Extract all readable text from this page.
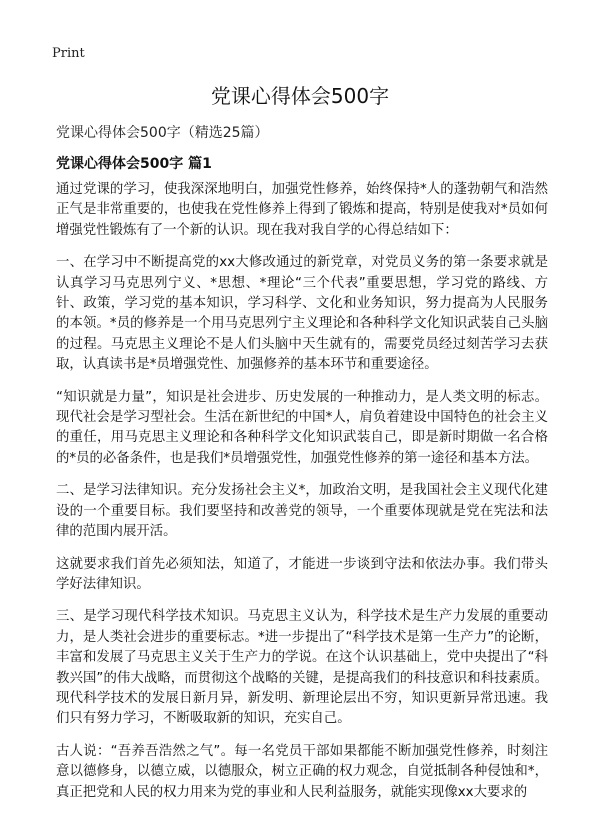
Print
党课心得体会500字
党课心得体会500字（精选25篇）
党课心得体会500字 篇1

通过党课的学习，使我深深地明白，加强党性修养，始终保持*人的蓬勃朝气和浩然正气是非常重要的，也使我在党性修养上得到了锻炼和提高，特别是使我对*员如何增强党性锻炼有了一个新的认识。现在我对我自学的心得总结如下：

一、在学习中不断提高党的xx大修改通过的新党章，对党员义务的第一条要求就是认真学习马克思列宁义、*思想、*理论“三个代表”重要思想，学习党的路线、方针、政策，学习党的基本知识，学习科学、文化和业务知识，努力提高为人民服务的本领。*员的修养是一个用马克思列宁主义理论和各种科学文化知识武装自己头脑的过程。马克思主义理论不是人们头脑中天生就有的，需要党员经过刻苦学习去获取，认真读书是*员增强党性、加强修养的基本环节和重要途径。

“知识就是力量”，知识是社会进步、历史发展的一种推动力，是人类文明的标志。现代社会是学习型社会。生活在新世纪的中国*人，肩负着建设中国特色的社会主义的重任，用马克思主义理论和各种科学文化知识武装自己，即是新时期做一名合格的*员的必备条件，也是我们*员增强党性，加强党性修养的第一途径和基本方法。

二、是学习法律知识。充分发扬社会主义*，加政治文明，是我国社会主义现代化建设的一个重要目标。我们要坚持和改善党的领导，一个重要体现就是党在宪法和法律的范围内展开活。

这就要求我们首先必须知法，知道了，才能进一步谈到守法和依法办事。我们带头学好法律知识。

三、是学习现代科学技术知识。马克思主义认为，科学技术是生产力发展的重要动力，是人类社会进步的重要标志。*进一步提出了“科学技术是第一生产力”的论断，丰富和发展了马克思主义关于生产力的学说。在这个认识基础上，党中央提出了“科教兴国”的伟大战略，而贯彻这个战略的关键，是提高我们的科技意识和科技素质。现代科学技术的发展日新月异，新发明、新理论层出不穷，知识更新异常迅速。我们只有努力学习，不断吸取新的知识，充实自己。

古人说：“吾养吾浩然之气”。每一名党员干部如果都能不断加强党性修养，时刻注意以德修身，以德立威，以德服众，树立正确的权力观念，自觉抵制各种侵蚀和*，真正把党和人民的权力用来为党的事业和人民利益服务，就能实现像xx大要求的
